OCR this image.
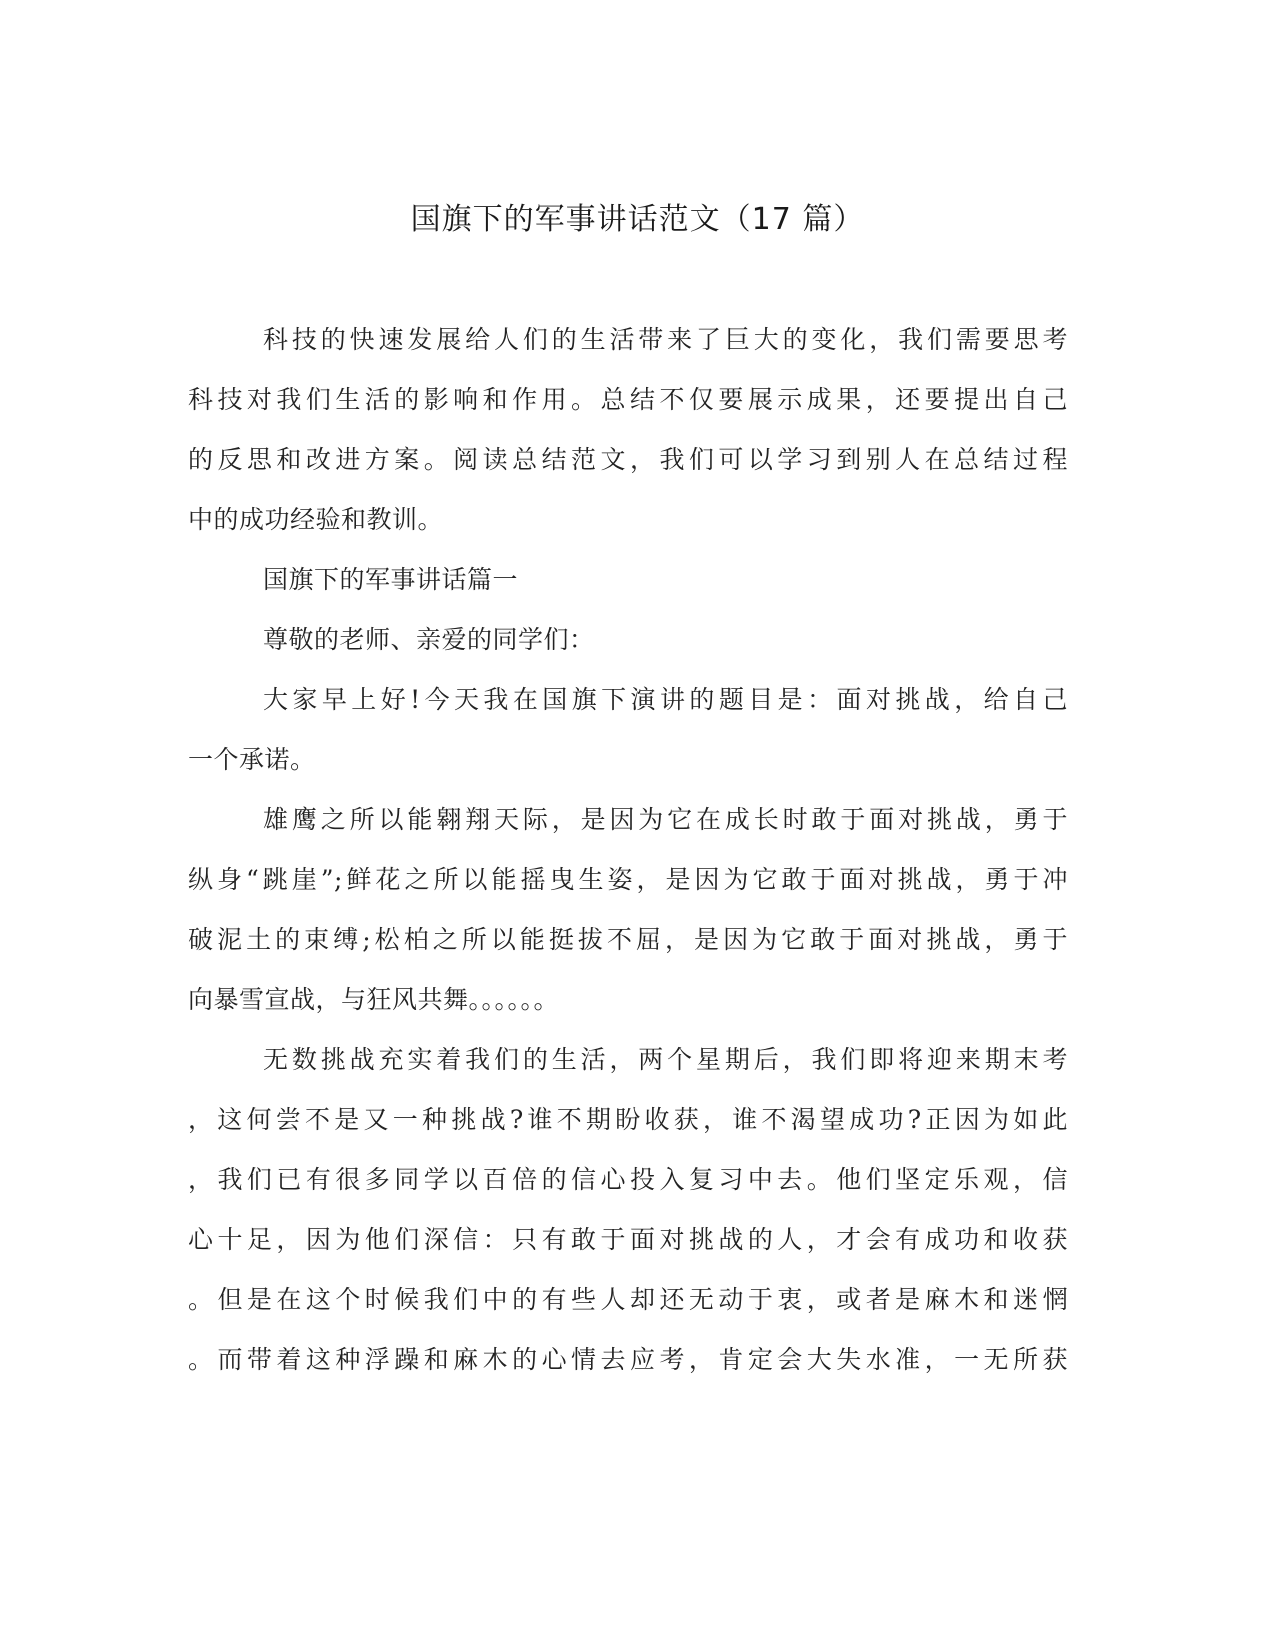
国旗下的军事讲话范文（17 篇）
科技的快速发展给人们的生活带来了巨大的变化，我们需要思考
科技对我们生活的影响和作用。总结不仅要展示成果，还要提出自己
的反思和改进方案。阅读总结范文，我们可以学习到别人在总结过程
中的成功经验和教训。
国旗下的军事讲话篇一
尊敬的老师、亲爱的同学们：
大家早上好!今天我在国旗下演讲的题目是：面对挑战，给自己
一个承诺。
雄鹰之所以能翱翔天际，是因为它在成长时敢于面对挑战，勇于
纵身“跳崖”;鲜花之所以能摇曳生姿，是因为它敢于面对挑战，勇于冲
破泥土的束缚;松柏之所以能挺拔不屈，是因为它敢于面对挑战，勇于
向暴雪宣战，与狂风共舞。。。。。。
无数挑战充实着我们的生活，两个星期后，我们即将迎来期末考
，这何尝不是又一种挑战?谁不期盼收获，谁不渴望成功?正因为如此
，我们已有很多同学以百倍的信心投入复习中去。他们坚定乐观，信
心十足，因为他们深信：只有敢于面对挑战的人，才会有成功和收获
。但是在这个时候我们中的有些人却还无动于衷，或者是麻木和迷惘
。而带着这种浮躁和麻木的心情去应考，肯定会大失水准，一无所获
